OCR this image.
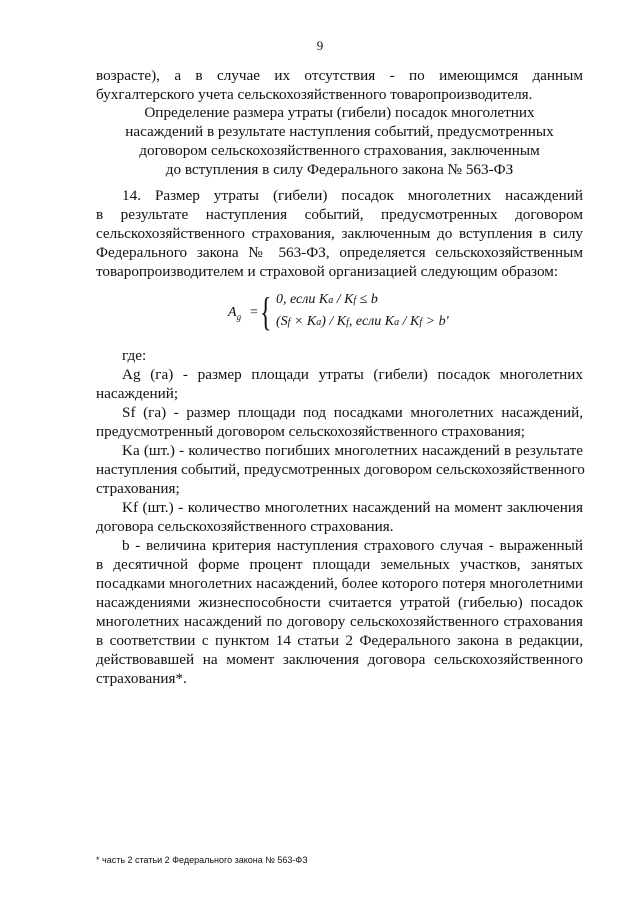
9
возрасте), а в случае их отсутствия - по имеющимся данным
бухгалтерского учета сельскохозяйственного товаропроизводителя.
Определение размера утраты (гибели) посадок многолетних
насаждений в результате наступления событий, предусмотренных
договором сельскохозяйственного страхования, заключенным
до вступления в силу Федерального закона № 563-ФЗ
14. Размер утраты (гибели) посадок многолетних насаждений
в результате наступления событий, предусмотренных договором
сельскохозяйственного страхования, заключенным до вступления в силу
Федерального закона № 563-ФЗ, определяется сельскохозяйственным
товаропроизводителем и страховой организацией следующим образом:
$A_g$ = { 0, если Ka / Kf ≤ b
(Sf × Ka) / Kf, если Ka / Kf > b'
где:
Ag (га) - размер площади утраты (гибели) посадок многолетних
насаждений;
Sf (га) - размер площади под посадками многолетних насаждений,
предусмотренный договором сельскохозяйственного страхования;
Ka (шт.) - количество погибших многолетних насаждений в результате
наступления событий, предусмотренных договором сельскохозяйственного
страхования;
Kf (шт.) - количество многолетних насаждений на момент заключения
договора сельскохозяйственного страхования.
b - величина критерия наступления страхового случая - выраженный
в десятичной форме процент площади земельных участков, занятых
посадками многолетних насаждений, более которого потеря многолетними
насаждениями жизнеспособности считается утратой (гибелью) посадок
многолетних насаждений по договору сельскохозяйственного страхования
в соответствии с пунктом 14 статьи 2 Федерального закона в редакции,
действовавшей на момент заключения договора сельскохозяйственного
страхования*.
* часть 2 статьи 2 Федерального закона № 563-ФЗ
